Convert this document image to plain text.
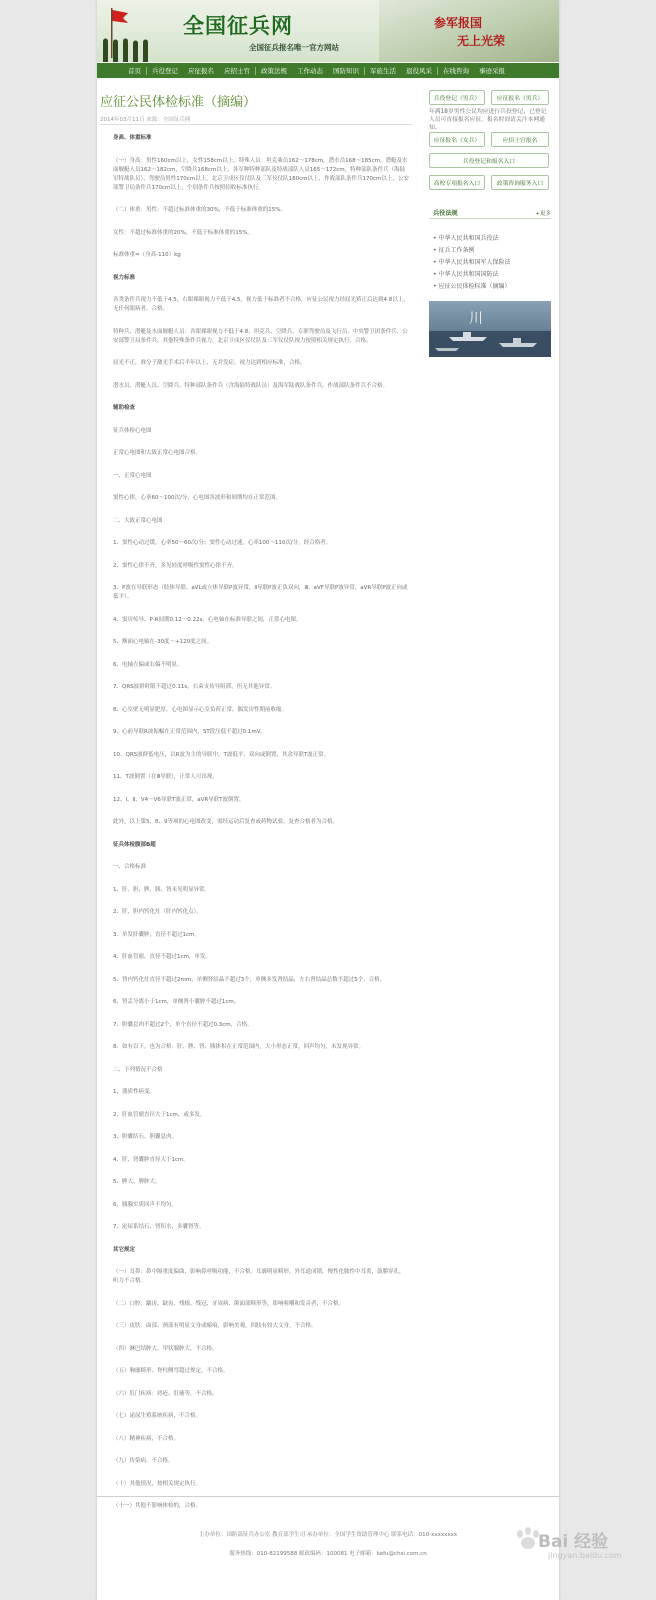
全国征兵网
全国征兵报名唯一官方网站
参军报国
无上光荣
首页	兵役登记	应征报名	应招士官	政策法规	工作动态	国防知识	军旅生活	退役风采	在线咨询	事迹采报
应征公民体检标准（摘编）
2014年03月11日 来源：全国征兵网
身高、体重标准
（一）身高：男性160cm以上，女性158cm以上。特殊人员：坦克乘员162～178cm，潜水员168～185cm，潜艇及水面舰艇人员162～182cm，空降兵168cm以上，各军种特种部队及特战部队人员165～172cm，特种部队条件兵（海陆军特战队员），驾驶员男性170cm以上，北京卫戍区仪仗队及三军仪仗队180cm以上，作战部队条件兵170cm以上，公安部警卫局条件兵170cm以上，个别条件兵按照招收标准执行。
（二）体重：男性：不超过标准体重的30%，不低于标准体重的15%。
女性：不超过标准体重的20%，不低于标准体重的15%。
标准体重=（身高-110）kg
视力标准
各类条件兵视力不低于4.5，右眼裸眼视力不低于4.5。视力低于标准者不合格，应征公民视力经屈光矫正后达到4.8以上，无任何眼病者，合格。
特种兵、潜艇及水面舰艇人员：各眼裸眼视力不低于4.8，坦克兵、空降兵、专职驾驶员及飞行员、中央警卫团条件兵、公安部警卫局条件兵，其他特殊条件兵视力，北京卫戍区仪仗队及三军仪仗队视力按照相关规定执行，合格。
屈光不正，准分子激光手术后半年以上，无并发症，视力达到相应标准，合格。
潜水员、潜艇人员、空降兵、特种部队条件兵（含海陆特战队员）及海军陆战队条件兵，作战部队条件兵不合格。
辅助检查
征兵体检心电图
正常心电图和大致正常心电图合格。
一、正常心电图
窦性心律，心率60～100次/分，心电图各波形和间期均在正常范围。
二、大致正常心电图
1、窦性心动过缓，心率50～60次/分；窦性心动过速，心率100～110次/分，经合格者。
2、窦性心律不齐，多见轻度呼吸性窦性心律不齐。
3、P波在导联形态（肢体导联、aVL或立体导联P波异常，Ⅱ导联P波正负双向，Ⅲ、aVF导联P波异常，aVR导联P波正向或低平）。
4、窦房传导、P-R间期0.12～0.22s，心电轴在标准导联之间，正常心电图。
5、额面心电轴在-30度～+120度之间。
6、电轴左偏或右偏不明显。
7、QRS波群时限不超过0.11s，右束支传导阻滞，但无其他异常。
8、心室壁无明显肥厚，心电图显示心室负荷正常，偶发房性期前收缩。
9、心前导联R波振幅在正常范围内，ST段压低不超过0.1mV。
10、QRS波群低电压，以R波为主的导联中，T波低平、双向或倒置，其余导联T波正常。
11、T波倒置（在Ⅲ导联），正常人可出现。
12、Ⅰ、Ⅱ、V4～V6导联T波正常，aVR导联T波倒置。
此外，以上第5、8、9等项的心电图改变，需经运动后复查或药物试验，复查合格者为合格。
征兵体检腹部B超
一、合格标准
1、肝、胆、脾、胰、肾未见明显异常。
2、肝、胆内钙化灶（肝内钙化点）。
3、单发肝囊肿，直径不超过1cm。
4、肝血管瘤，直径不超过1cm，单发。
5、肾内钙化灶直径不超过2mm，单侧肾结晶不超过3个，单侧多发肾结晶，左右肾结晶总数不超过5个，合格。
6、肾盂分离小于1cm，单侧肾小囊肿不超过1cm。
7、胆囊息肉不超过2个，单个直径不超过0.3cm，合格。
8、如有以下，也为合格：肝、脾、肾、胰体积在正常范围内，大小形态正常，回声均匀，未发现异常。
二、下列情况不合格
1、器质性病变。
2、肝血管瘤直径大于1cm，或多发。
3、胆囊结石、胆囊息肉。
4、肝、肾囊肿直径大于1cm。
5、脾大、脾肿大。
6、胰腺实质回声不均匀。
7、泌尿系结石、肾积水、多囊肾等。
其它规定
（一）耳鼻：鼻中隔重度偏曲，影响鼻呼吸功能，不合格。耳廓明显畸形，外耳道闭锁，慢性化脓性中耳炎，鼓膜穿孔，听力不合格。
（二）口腔：龋齿、缺齿、残根、残冠、牙周病、颌面部畸形等，影响咀嚼和发音者，不合格。
（三）皮肤：面部、颈部有明显文身或瘢痕，影响美观，四肢有较大文身，不合格。
（四）淋巴结肿大、甲状腺肿大，不合格。
（五）胸廓畸形、脊柱侧弯超过规定，不合格。
（六）肛门疾病：痔疮、肛瘘等，不合格。
（七）泌尿生殖系统疾病，不合格。
（八）精神疾病，不合格。
（九）传染病，不合格。
（十）其他情况，按相关规定执行。
（十一）其他不影响体检的，合格。
兵役登记（男兵）	应征报名（男兵）
年满18岁男性公民均应进行兵役登记，已登记人员可直接报名应征，报名时间请关注本网通知。
应征报名（女兵）	应招士官报名
兵役登记和报名入口
高校专项报名入口	政策咨询服务入口
兵役法规	+更多
• 中华人民共和国兵役法
• 征兵工作条例
• 中华人民共和国军人保险法
• 中华人民共和国国防法
• 应征公民体检标准（摘编）
川
主办单位：国防部征兵办公室 教育部学生司 承办单位：全国学生资助管理中心 联系电话：010-xxxxxxxx
服务热线：010-82199588 邮政编码：100081 电子邮箱：kefu@chsi.com.cn
Bai 经验
jingyan.baidu.com
